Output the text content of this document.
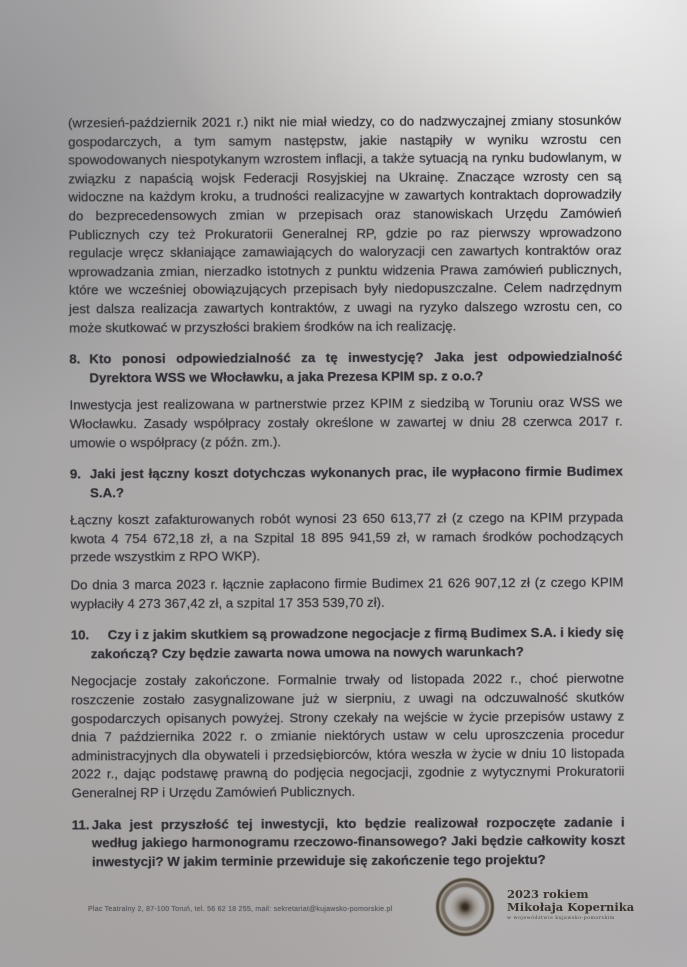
(wrzesień-październik 2021 r.) nikt nie miał wiedzy, co do nadzwyczajnej zmiany stosunków gospodarczych, a tym samym następstw, jakie nastąpiły w wyniku wzrostu cen spowodowanych niespotykanym wzrostem inflacji, a także sytuacją na rynku budowlanym, w związku z napaścią wojsk Federacji Rosyjskiej na Ukrainę. Znaczące wzrosty cen są widoczne na każdym kroku, a trudności realizacyjne w zawartych kontraktach doprowadziły do bezprecedensowych zmian w przepisach oraz stanowiskach Urzędu Zamówień Publicznych czy też Prokuratorii Generalnej RP, gdzie po raz pierwszy wprowadzono regulacje wręcz skłaniające zamawiających do waloryzacji cen zawartych kontraktów oraz wprowadzania zmian, nierzadko istotnych z punktu widzenia Prawa zamówień publicznych, które we wcześniej obowiązujących przepisach były niedopuszczalne. Celem nadrzędnym jest dalsza realizacja zawartych kontraktów, z uwagi na ryzyko dalszego wzrostu cen, co może skutkować w przyszłości brakiem środków na ich realizację.

8. Kto ponosi odpowiedzialność za tę inwestycję? Jaka jest odpowiedzialność Dyrektora WSS we Włocławku, a jaka Prezesa KPIM sp. z o.o.?

Inwestycja jest realizowana w partnerstwie przez KPIM z siedzibą w Toruniu oraz WSS we Włocławku. Zasady współpracy zostały określone w zawartej w dniu 28 czerwca 2017 r. umowie o współpracy (z późn. zm.).

9. Jaki jest łączny koszt dotychczas wykonanych prac, ile wypłacono firmie Budimex S.A.?

Łączny koszt zafakturowanych robót wynosi 23 650 613,77 zł (z czego na KPIM przypada kwota 4 754 672,18 zł, a na Szpital 18 895 941,59 zł, w ramach środków pochodzących przede wszystkim z RPO WKP).

Do dnia 3 marca 2023 r. łącznie zapłacono firmie Budimex 21 626 907,12 zł (z czego KPIM wypłaciły 4 273 367,42 zł, a szpital 17 353 539,70 zł).

10.	Czy i z jakim skutkiem są prowadzone negocjacje z firmą Budimex S.A. i kiedy się zakończą? Czy będzie zawarta nowa umowa na nowych warunkach?

Negocjacje zostały zakończone. Formalnie trwały od listopada 2022 r., choć pierwotne roszczenie zostało zasygnalizowane już w sierpniu, z uwagi na odczuwalność skutków gospodarczych opisanych powyżej. Strony czekały na wejście w życie przepisów ustawy z dnia 7 października 2022 r. o zmianie niektórych ustaw w celu uproszczenia procedur administracyjnych dla obywateli i przedsiębiorców, która weszła w życie w dniu 10 listopada 2022 r., dając podstawę prawną do podjęcia negocjacji, zgodnie z wytycznymi Prokuratorii Generalnej RP i Urzędu Zamówień Publicznych.

11. Jaka jest przyszłość tej inwestycji, kto będzie realizował rozpoczęte zadanie i według jakiego harmonogramu rzeczowo-finansowego? Jaki będzie całkowity koszt inwestycji? W jakim terminie przewiduje się zakończenie tego projektu?
Plac Teatralny 2, 87-100 Toruń, tel. 56 62 18 255, mail: sekretariat@kujawsko-pomorskie.pl
2023 rokiem
Mikołaja Kopernika
w województwie kujawsko-pomorskim
